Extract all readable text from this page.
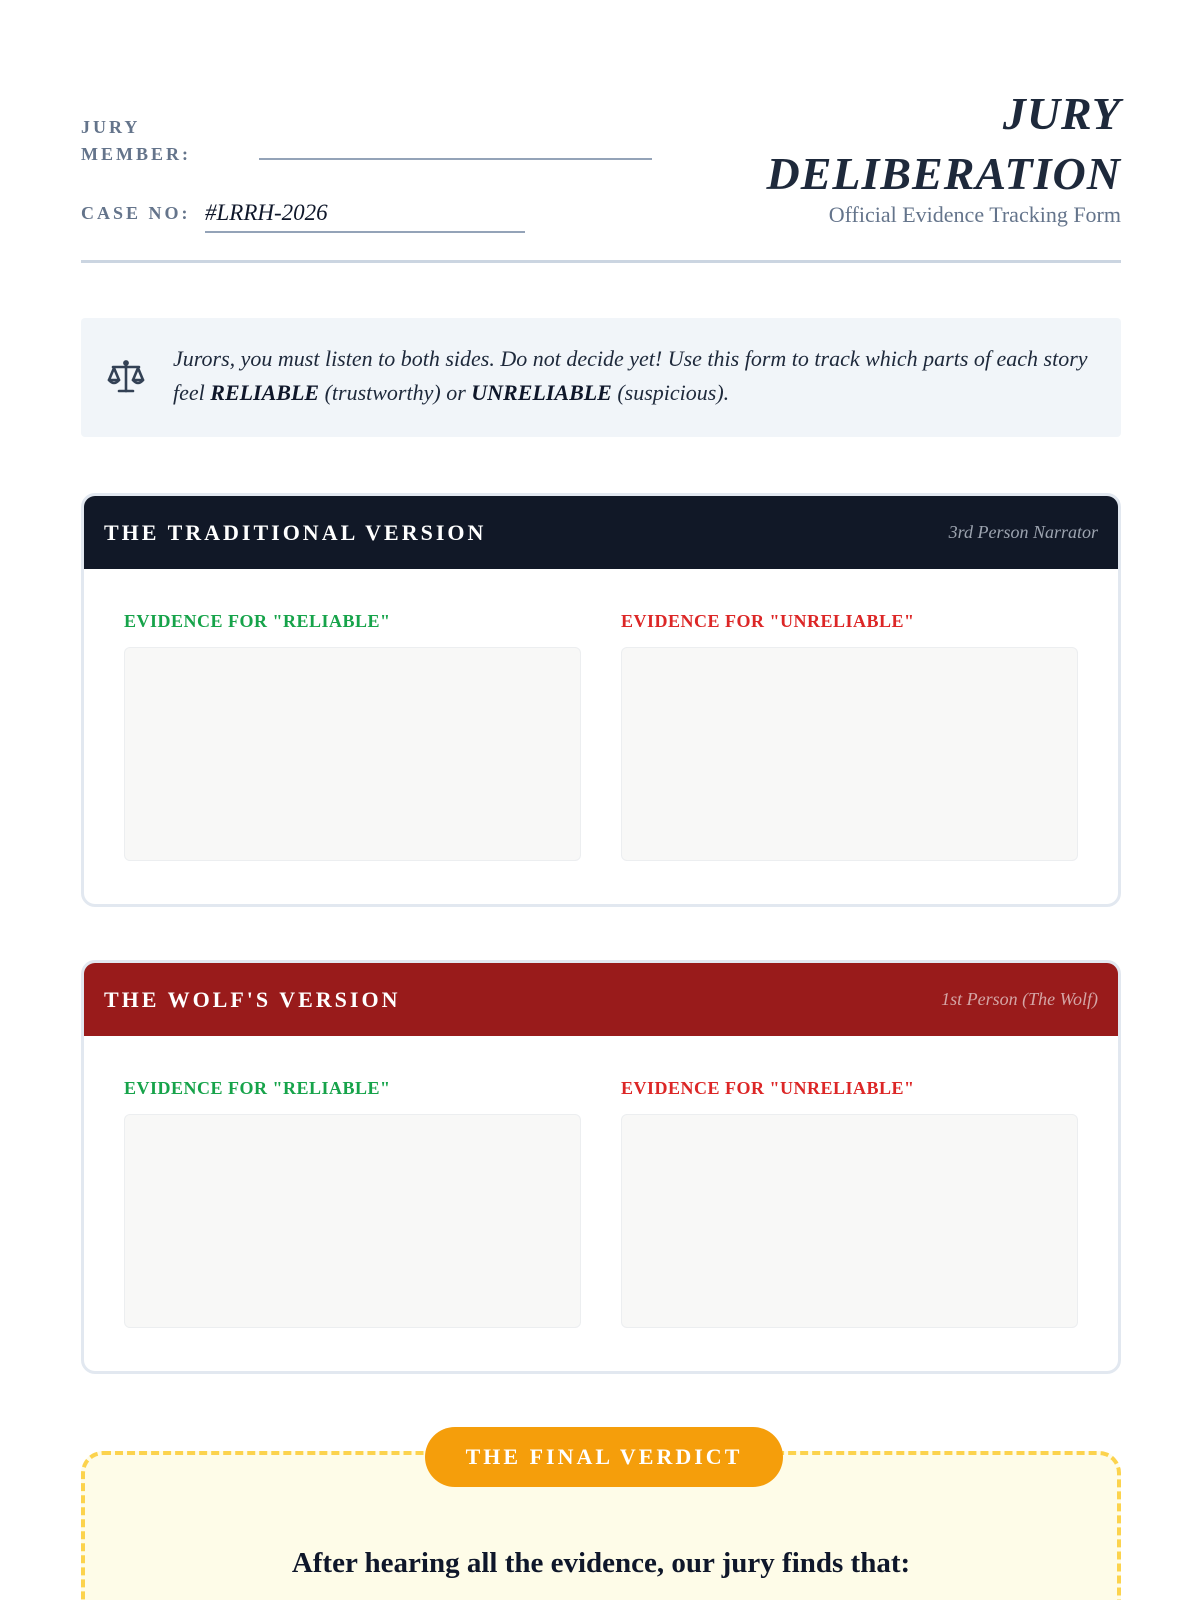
JURY MEMBER:
CASE NO: #LRRH-2026
JURY
DELIBERATION
Official Evidence Tracking Form

Jurors, you must listen to both sides. Do not decide yet! Use this form to track which parts of each story feel RELIABLE (trustworthy) or UNRELIABLE (suspicious).

THE TRADITIONAL VERSION	3rd Person Narrator
EVIDENCE FOR "RELIABLE"	EVIDENCE FOR "UNRELIABLE"
THE WOLF'S VERSION	1st Person (The Wolf)
EVIDENCE FOR "RELIABLE"	EVIDENCE FOR "UNRELIABLE"
THE FINAL VERDICT
After hearing all the evidence, our jury finds that:
